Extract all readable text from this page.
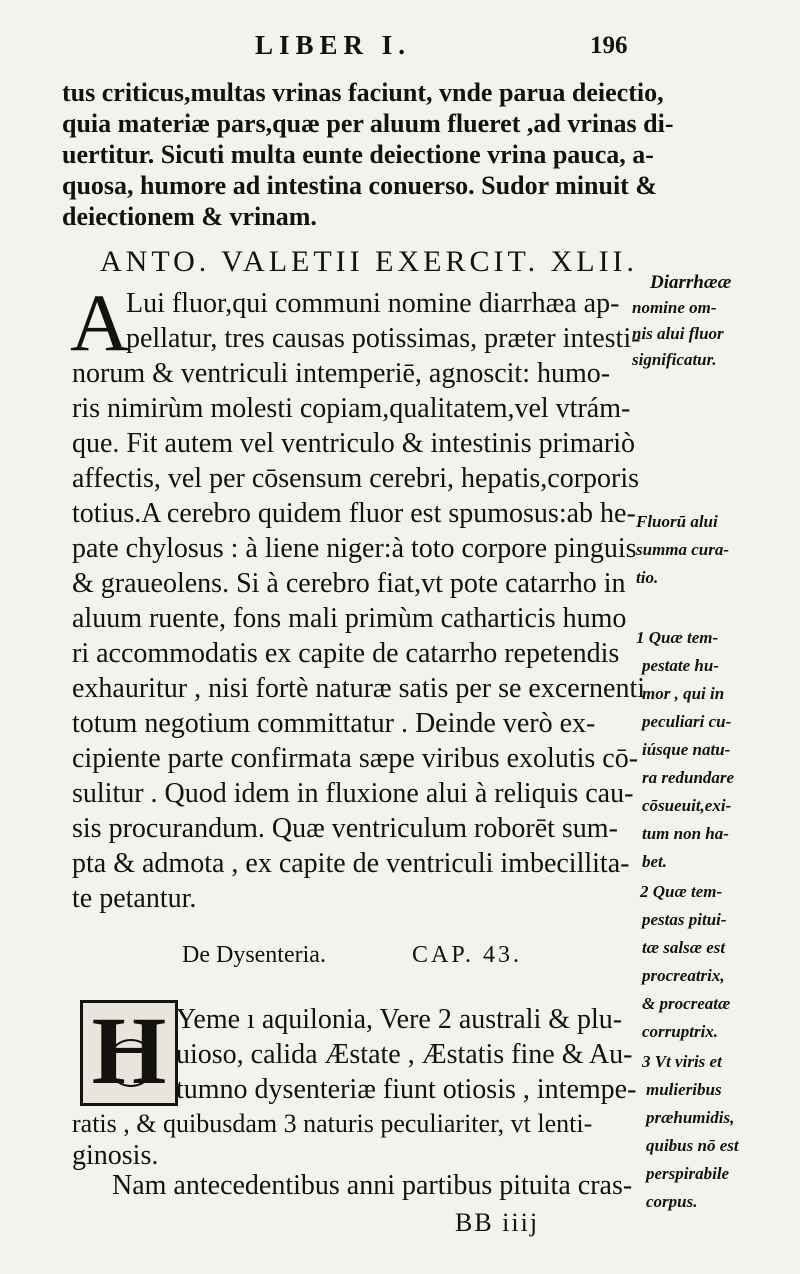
LIBER I.	196
tus criticus,multas vrinas faciunt, vnde parua deiectio,
quia materiæ pars,quæ per aluum flueret ,ad vrinas di-
uertitur. Sicuti multa eunte deiectione vrina pauca, a-
quosa, humore ad intestina conuerso. Sudor minuit &
deiectionem & vrinam.
ANTO. VALETII EXERCIT. XLII.
A
Lui fluor,qui communi nomine diarrhæa ap-
pellatur, tres causas potissimas, præter intesti-
norum & ventriculi intemperiē, agnoscit: humo-
ris nimirùm molesti copiam,qualitatem,vel vtrám-
que. Fit autem vel ventriculo & intestinis primariò
affectis, vel per cōsensum cerebri, hepatis,corporis
totius.A cerebro quidem fluor est spumosus:ab he-
pate chylosus : à liene niger:à toto corpore pinguis
& graueolens. Si à cerebro fiat,vt pote catarrho in
aluum ruente, fons mali primùm catharticis humo
ri accommodatis ex capite de catarrho repetendis
exhauritur , nisi fortè naturæ satis per se excernenti
totum negotium committatur . Deinde verò ex-
cipiente parte confirmata sæpe viribus exolutis cō-
sulitur . Quod idem in fluxione alui à reliquis cau-
sis procurandum. Quæ ventriculum roborēt sum-
pta & admota , ex capite de ventriculi imbecillita-
te petantur.
Diarrhææ
nomine om-
nis alui fluor
significatur.
Fluorū alui
summa cura-
tio.
1 Quæ tem-
pestate hu-
mor , qui in
peculiari cu-
iúsque natu-
ra redundare
cōsueuit,exi-
tum non ha-
bet.
2 Quæ tem-
pestas pitui-
tæ salsæ est
procreatrix,
& procreatæ
corruptrix.
3 Vt viris et
mulieribus
præhumidis,
quibus nō est
perspirabile
corpus.
De Dysenteria.	CAP. 43.
H Yeme ı aquilonia, Vere 2 australi & plu-
uioso, calida Æstate , Æstatis fine & Au-
tumno dysenteriæ fiunt otiosis , intempe-
ratis , & quibusdam 3 naturis peculiariter, vt lenti-
ginosis.
Nam antecedentibus anni partibus pituita cras-
BB iiij
